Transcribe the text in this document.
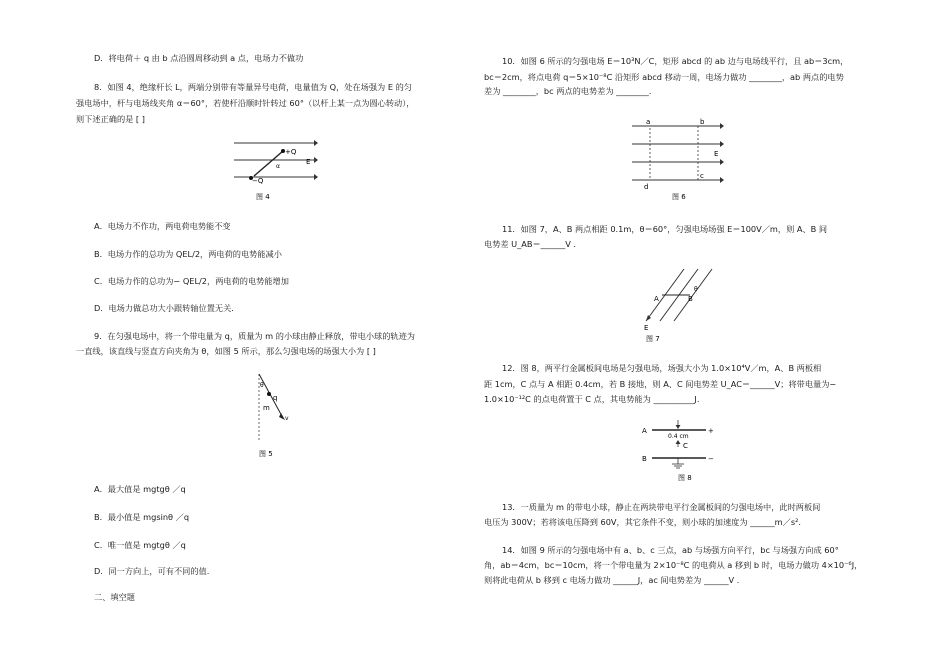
D．将电荷＋ q 由 b 点沿圆周移动到 a 点，电场力不做功
8．如图 4，绝缘杆长 L，两端分别带有等量异号电荷，电量值为 Q，处在场强为 E 的匀
强电场中，杆与电场线夹角 α＝60°，若使杆沿顺时针转过 60°（以杆上某一点为圆心转动），
则下述正确的是 [ ]
+Q
−Q
α
E
图 4
A．电场力不作功，两电荷电势能不变
B．电场力作的总功为 QEL/2，两电荷的电势能减小
C．电场力作的总功为− QEL/2，两电荷的电势能增加
D．电场力做总功大小跟转轴位置无关.
9．在匀强电场中，将一个带电量为 q，质量为 m 的小球由静止释放，带电小球的轨迹为
一直线，该直线与竖直方向夹角为 θ，如图 5 所示，那么匀强电场的场强大小为 [ ]
θ
q
m
v
图 5
A．最大值是 mgtgθ ／q
B．最小值是 mgsinθ ／q
C．唯一值是 mgtgθ ／q
D．同一方向上，可有不同的值.
二、填空题
10．如图 6 所示的匀强电场 E＝10³N／C，矩形 abcd 的 ab 边与电场线平行，且 ab＝3cm，
bc＝2cm，将点电荷 q＝5×10⁻⁸C 沿矩形 abcd 移动一周，电场力做功 ________，ab 两点的电势
差为 ________，bc 两点的电势差为 ________.
a	b
c
d
E
图 6
11．如图 7，A、B 两点相距 0.1m，θ＝60°，匀强电场场强 E＝100V／m，则 A、B 间
电势差 U_AB＝______V .
A	B
θ
E
图 7
12．图 8，两平行金属板间电场是匀强电场，场强大小为 1.0×10⁴V／m，A、B 两板相
距 1cm，C 点与 A 相距 0.4cm，若 B 接地，则 A、C 间电势差 U_AC＝______V；将带电量为−
1.0×10⁻¹²C 的点电荷置于 C 点，其电势能为 __________J.
A
B
+
−
0.4 cm
C
图 8
13．一质量为 m 的带电小球，静止在两块带电平行金属板间的匀强电场中，此时两板间
电压为 300V；若将该电压降到 60V，其它条件不变，则小球的加速度为 ______m／s².
14．如图 9 所示的匀强电场中有 a、b、c 三点，ab 与场强方向平行，bc 与场强方向成 60°
角，ab＝4cm，bc＝10cm，将一个带电量为 2×10⁻⁸C 的电荷从 a 移到 b 时，电场力做功 4×10⁻⁶J，
则将此电荷从 b 移到 c 电场力做功 ______J，ac 间电势差为 ______V .
